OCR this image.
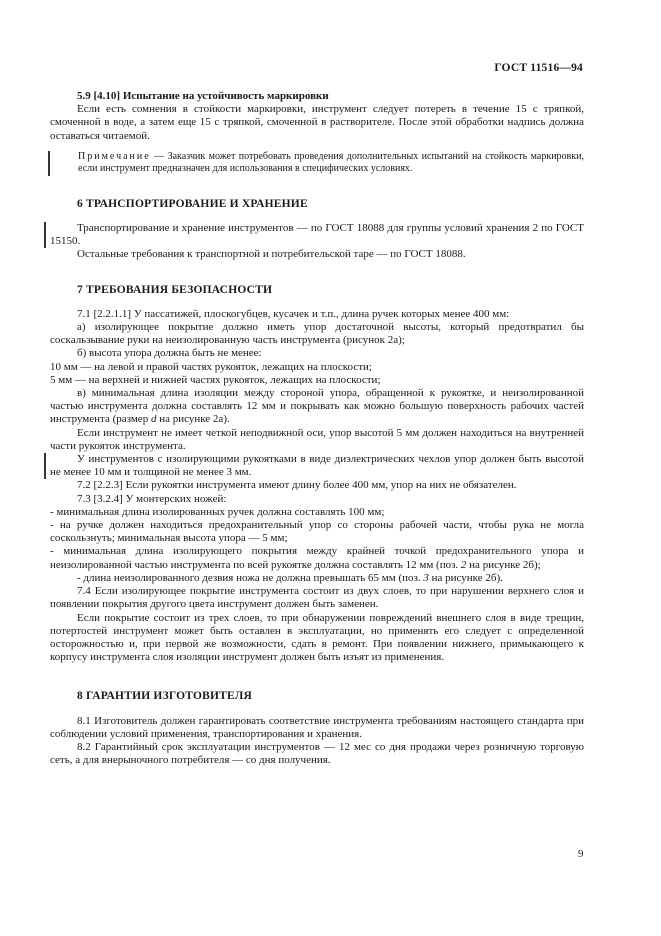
ГОСТ 11516—94

5.9 [4.10] Испытание на устойчивость маркировки

Если есть сомнения в стойкости маркировки, инструмент следует потереть в течение 15 с тряпкой, смоченной в воде, а затем еще 15 с тряпкой, смоченной в растворителе. После этой обработки надпись должна оставаться читаемой.

Примечание — Заказчик может потребовать проведения дополнительных испытаний на стойкость маркировки, если инструмент предназначен для использования в специфических условиях.
6 ТРАНСПОРТИРОВАНИЕ И ХРАНЕНИЕ

Транспортирование и хранение инструментов — по ГОСТ 18088 для группы условий хранения 2 по ГОСТ 15150.

Остальные требования к транспортной и потребительской таре — по ГОСТ 18088.

7 ТРЕБОВАНИЯ БЕЗОПАСНОСТИ

7.1 [2.2.1.1] У пассатижей, плоскогубцев, кусачек и т.п., длина ручек которых менее 400 мм:

а) изолирующее покрытие должно иметь упор достаточной высоты, который предотвратил бы соскальзывание руки на неизолированную часть инструмента (рисунок 2а);

б) высота упора должна быть не менее:

10 мм — на левой и правой частях рукояток, лежащих на плоскости;

5 мм — на верхней и нижней частях рукояток, лежащих на плоскости;

в) минимальная длина изоляции между стороной упора, обращенной к рукоятке, и неизолированной частью инструмента должна составлять 12 мм и покрывать как можно большую поверхность рабочих частей инструмента (размер d на рисунке 2а).

Если инструмент не имеет четкой неподвижной оси, упор высотой 5 мм должен находиться на внутренней части рукояток инструмента.

У инструментов с изолирующими рукоятками в виде диэлектрических чехлов упор должен быть высотой не менее 10 мм и толщиной не менее 3 мм.

7.2 [2.2.3] Если рукоятки инструмента имеют длину более 400 мм, упор на них не обязателен.

7.3 [3.2.4] У монтерских ножей:

- минимальная длина изолированных ручек должна составлять 100 мм;

- на ручке должен находиться предохранительный упор со стороны рабочей части, чтобы рука не могла соскользнуть; минимальная высота упора — 5 мм;

- минимальная длина изолирующего покрытия между крайней точкой предохранительного упора и неизолированной частью инструмента по всей рукоятке должна составлять 12 мм (поз. 2 на рисунке 2б);

- длина неизолированного дезвия ножа не должна превышать 65 мм (поз. 3 на рисунке 2б).

7.4 Если изолирующее покрытие инструмента состоит из двух слоев, то при нарушении верхнего слоя и появлении покрытия другого цвета инструмент должен быть заменен.

Если покрытие состоит из трех слоев, то при обнаружении повреждений внешнего слоя в виде трещин, потертостей инструмент может быть оставлен в эксплуатации, но применять его следует с определенной осторожностью и, при первой же возможности, сдать в ремонт. При появлении нижнего, примыкающего к корпусу инструмента слоя изоляции инструмент должен быть изъят из применения.

8 ГАРАНТИИ ИЗГОТОВИТЕЛЯ

8.1 Изготовитель должен гарантировать соответствие инструмента требованиям настоящего стандарта при соблюдении условий применения, транспортирования и хранения.

8.2 Гарантийный срок эксплуатации инструментов — 12 мес со дня продажи через розничную торговую сеть, а для внерыночного потребителя — со дня получения.

9
